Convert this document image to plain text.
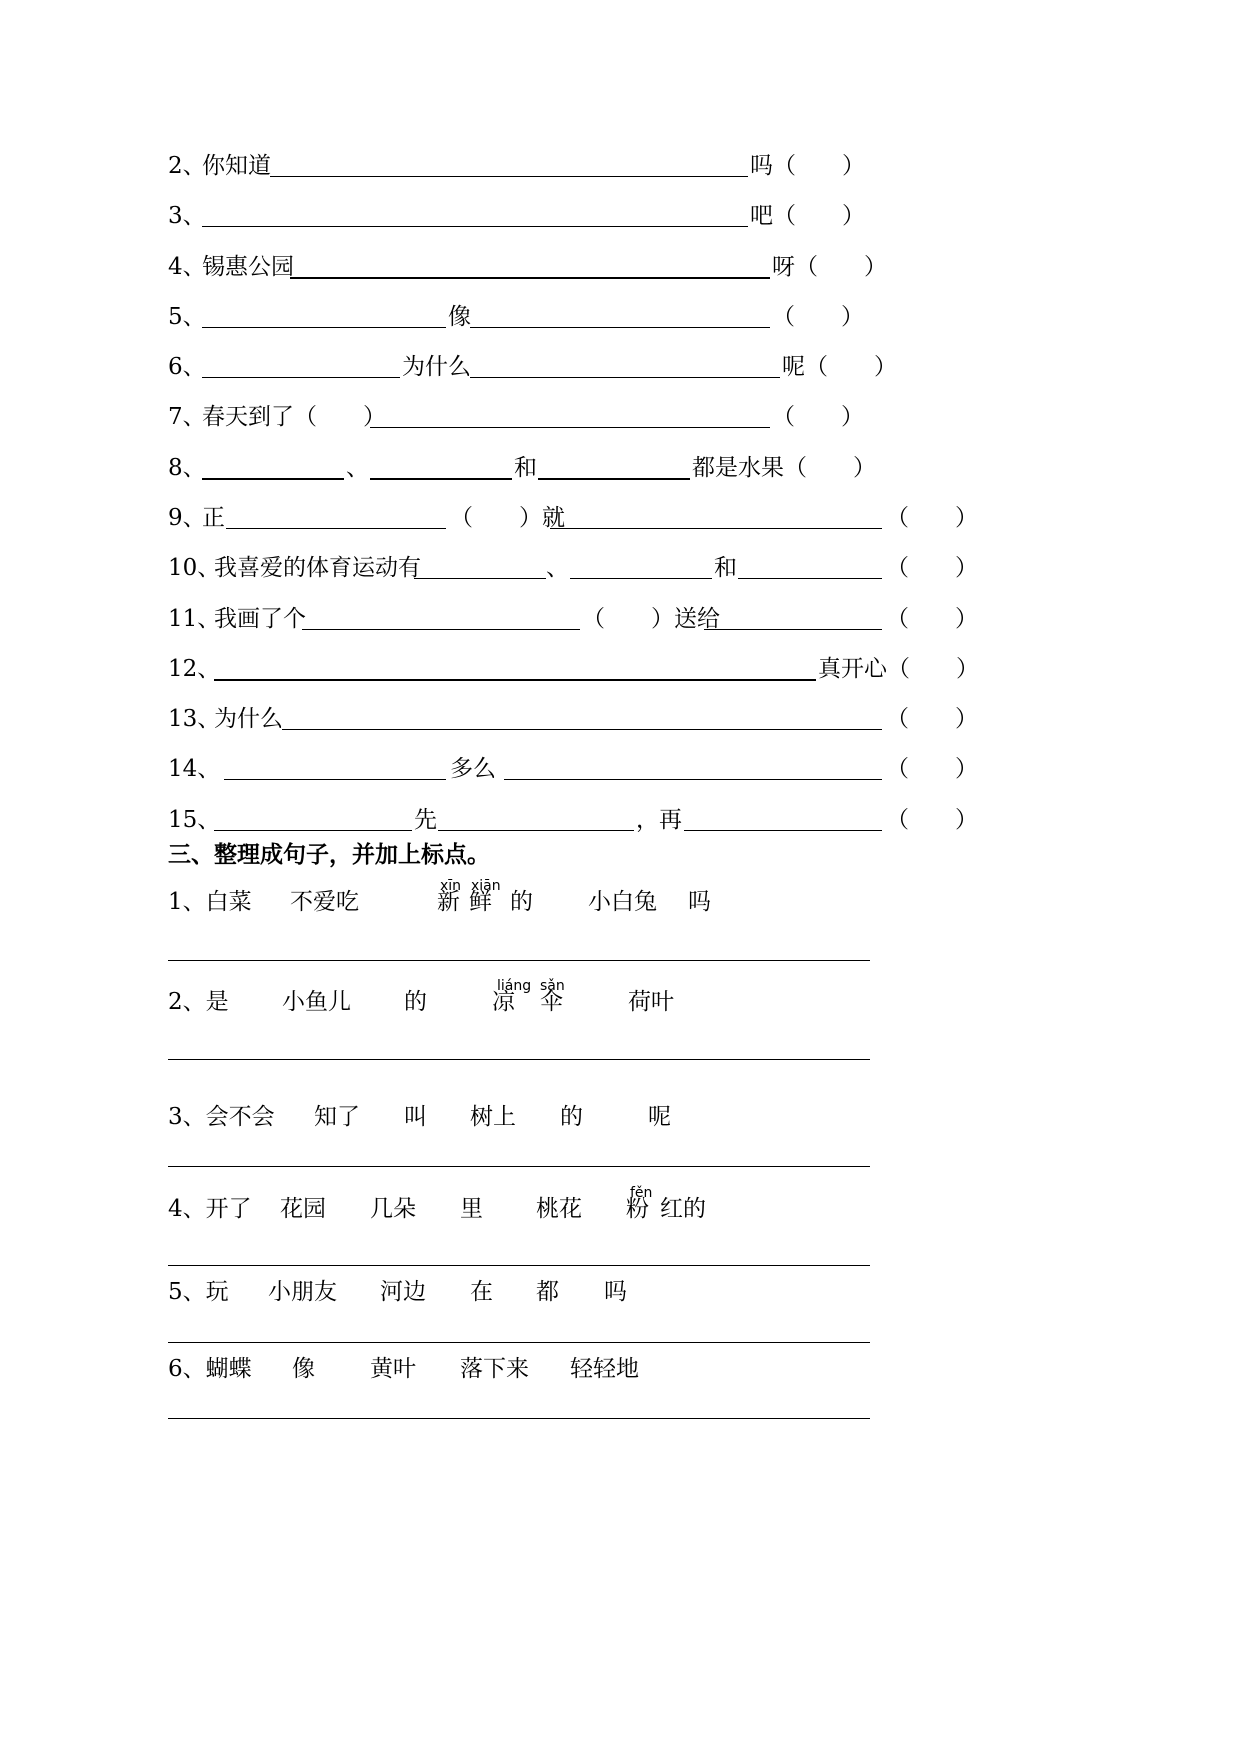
2、
你知道	吗（　　）
3、	吧（　　）
4、
锡惠公园	呀（　　）
5、	像	（　　）
6、	为什么	呢（　　）
7、
春天到了（　　）	（　　）
8、	、	和	都是水果（　　）
9、
正	（　　）就	（　　）
10、
我喜爱的体育运动有	、	和	（　　）
11、
我画了个	（　　）送给	（　　）
12、	真开心（　　）
13、
为什么	（　　）
14、	多么	（　　）
15、	先	，再	（　　）
三、整理成句子，并加上标点。
xīn xiān
1、白菜 不爱吃	新 鲜 的 小白兔 吗
liáng sǎn
2、是 小鱼儿 的	凉 伞	荷叶
3、会不会 知了 叫 树上 的	呢
fěn
4、开了 花园 几朵 里 桃花 粉 红的
5、玩 小朋友 河边 在 都 吗
6、蝴蝶 像 黄叶 落下来 轻轻地
